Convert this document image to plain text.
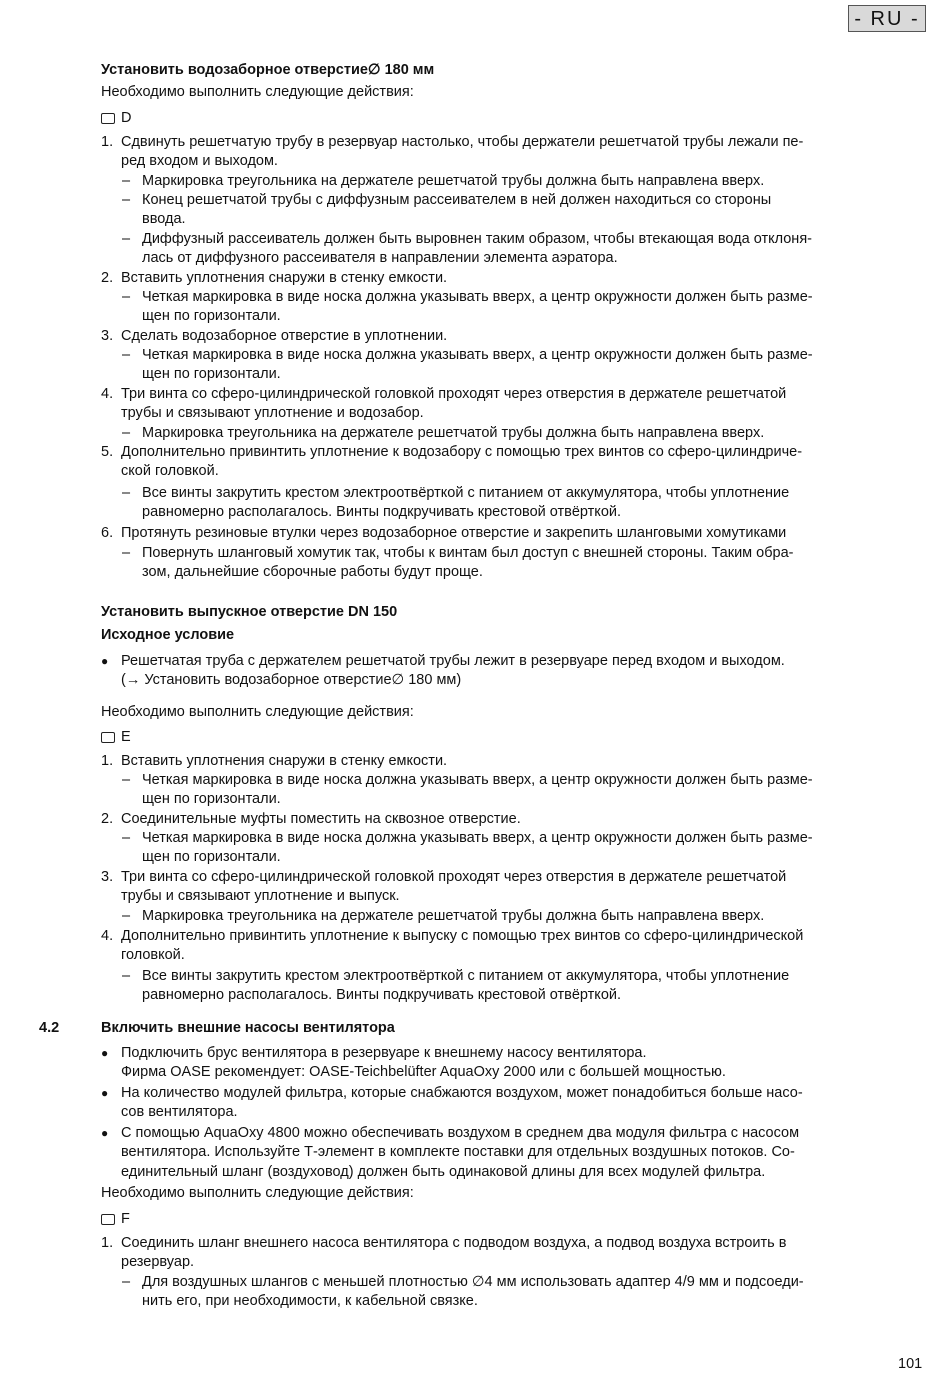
- RU -
Установить водозаборное отверстие∅ 180 мм
Необходимо выполнить следующие действия:
D
1. Сдвинуть решетчатую трубу в резервуар настолько, чтобы держатели решетчатой трубы лежали пе-
ред входом и выходом.
– Маркировка треугольника на держателе решетчатой трубы должна быть направлена вверх.
– Конец решетчатой трубы с диффузным рассеивателем в ней должен находиться со стороны
ввода.
– Диффузный рассеиватель должен быть выровнен таким образом, чтобы втекающая вода отклоня-
лась от диффузного рассеивателя в направлении элемента аэратора.
2. Вставить уплотнения снаружи в стенку емкости.
– Четкая маркировка в виде носка должна указывать вверх, а центр окружности должен быть разме-
щен по горизонтали.
3. Сделать водозаборное отверстие в уплотнении.
– Четкая маркировка в виде носка должна указывать вверх, а центр окружности должен быть разме-
щен по горизонтали.
4. Три винта со сферо-цилиндрической головкой проходят через отверстия в держателе решетчатой
трубы и связывают уплотнение и водозабор.
– Маркировка треугольника на держателе решетчатой трубы должна быть направлена вверх.
5. Дополнительно привинтить уплотнение к водозабору с помощью трех винтов со сферо-цилиндриче-
ской головкой.
– Все винты закрутить крестом электроотвёрткой с питанием от аккумулятора, чтобы уплотнение
равномерно располагалось. Винты подкручивать крестовой отвёрткой.
6. Протянуть резиновые втулки через водозаборное отверстие и закрепить шланговыми хомутиками
– Повернуть шланговый хомутик так, чтобы к винтам был доступ с внешней стороны. Таким обра-
зом, дальнейшие сборочные работы будут проще.
Установить выпускное отверстие DN 150
Исходное условие
● Решетчатая труба с держателем решетчатой трубы лежит в резервуаре перед входом и выходом.
(→ Установить водозаборное отверстие∅ 180 мм)
Необходимо выполнить следующие действия:
E
1. Вставить уплотнения снаружи в стенку емкости.
– Четкая маркировка в виде носка должна указывать вверх, а центр окружности должен быть разме-
щен по горизонтали.
2. Соединительные муфты поместить на сквозное отверстие.
– Четкая маркировка в виде носка должна указывать вверх, а центр окружности должен быть разме-
щен по горизонтали.
3. Три винта со сферо-цилиндрической головкой проходят через отверстия в держателе решетчатой
трубы и связывают уплотнение и выпуск.
– Маркировка треугольника на держателе решетчатой трубы должна быть направлена вверх.
4. Дополнительно привинтить уплотнение к выпуску с помощью трех винтов со сферо-цилиндрической
головкой.
– Все винты закрутить крестом электроотвёрткой с питанием от аккумулятора, чтобы уплотнение
равномерно располагалось. Винты подкручивать крестовой отвёрткой.
4.2	Включить внешние насосы вентилятора
● Подключить брус вентилятора в резервуаре к внешнему насосу вентилятора.
Фирма OASE рекомендует: OASE-Teichbelüfter AquaOxy 2000 или с большей мощностью.
● На количество модулей фильтра, которые снабжаются воздухом, может понадобиться больше насо-
сов вентилятора.
● С помощью AquaOxy 4800 можно обеспечивать воздухом в среднем два модуля фильтра с насосом
вентилятора. Используйте Т-элемент в комплекте поставки для отдельных воздушных потоков. Со-
единительный шланг (воздуховод) должен быть одинаковой длины для всех модулей фильтра.
Необходимо выполнить следующие действия:
F
1. Соединить шланг внешнего насоса вентилятора с подводом воздуха, а подвод воздуха встроить в
резервуар.
– Для воздушных шлангов с меньшей плотностью ∅4 мм использовать адаптер 4/9 мм и подсоеди-
нить его, при необходимости, к кабельной связке.
101
